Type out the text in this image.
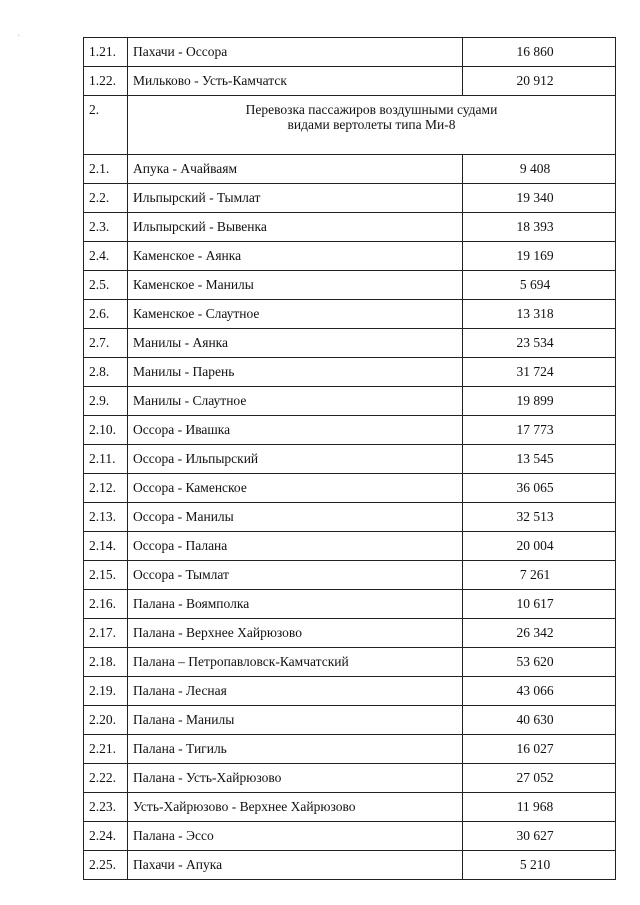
'
1.21.	Пахачи - Оссора	16 860
1.22.	Мильково - Усть-Камчатск	20 912
2.	Перевозка пассажиров воздушными судами
видами вертолеты типа Ми-8	

2.1.	Апука - Ачайваям	9 408
2.2.	Ильпырский - Тымлат	19 340
2.3.	Ильпырский - Вывенка	18 393
2.4.	Каменское - Аянка	19 169
2.5.	Каменское - Манилы	5 694
2.6.	Каменское - Слаутное	13 318
2.7.	Манилы - Аянка	23 534
2.8.	Манилы - Парень	31 724
2.9.	Манилы - Слаутное	19 899
2.10.	Оссора - Ивашка	17 773
2.11.	Оссора - Ильпырский	13 545
2.12.	Оссора - Каменское	36 065
2.13.	Оссора - Манилы	32 513
2.14.	Оссора - Палана	20 004
2.15.	Оссора - Тымлат	7 261
2.16.	Палана - Воямполка	10 617
2.17.	Палана - Верхнее Хайрюзово	26 342
2.18.	Палана – Петропавловск-Камчатский	53 620
2.19.	Палана - Лесная	43 066
2.20.	Палана - Манилы	40 630
2.21.	Палана - Тигиль	16 027
2.22.	Палана - Усть-Хайрюзово	27 052
2.23.	Усть-Хайрюзово - Верхнее Хайрюзово	11 968
2.24.	Палана - Эссо	30 627
2.25.	Пахачи - Апука	5 210
